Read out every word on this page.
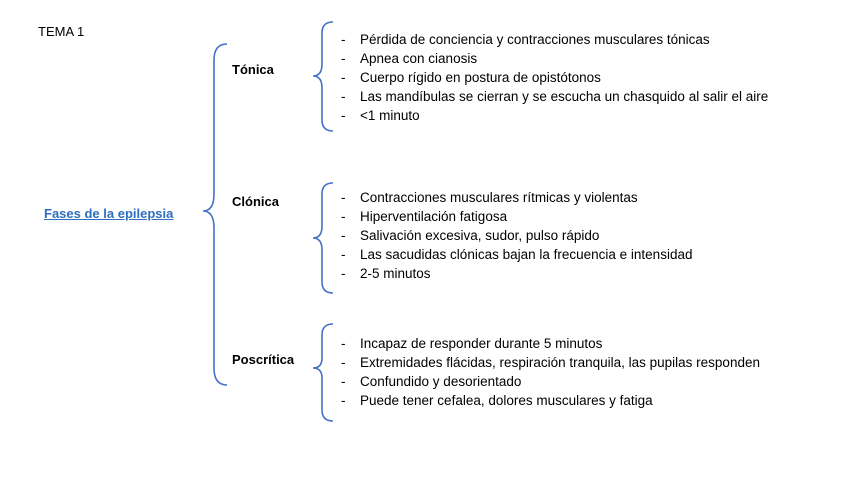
TEMA 1
Fases de la epilepsia
Tónica
Clónica
Poscrítica
- Pérdida de conciencia y contracciones musculares tónicas
- Apnea con cianosis
- Cuerpo rígido en postura de opistótonos
- Las mandíbulas se cierran y se escucha un chasquido al salir el aire
- <1 minuto
- Contracciones musculares rítmicas y violentas
- Hiperventilación fatigosa
- Salivación excesiva, sudor, pulso rápido
- Las sacudidas clónicas bajan la frecuencia e intensidad
- 2-5 minutos
- Incapaz de responder durante 5 minutos
- Extremidades flácidas, respiración tranquila, las pupilas responden
- Confundido y desorientado
- Puede tener cefalea, dolores musculares y fatiga
